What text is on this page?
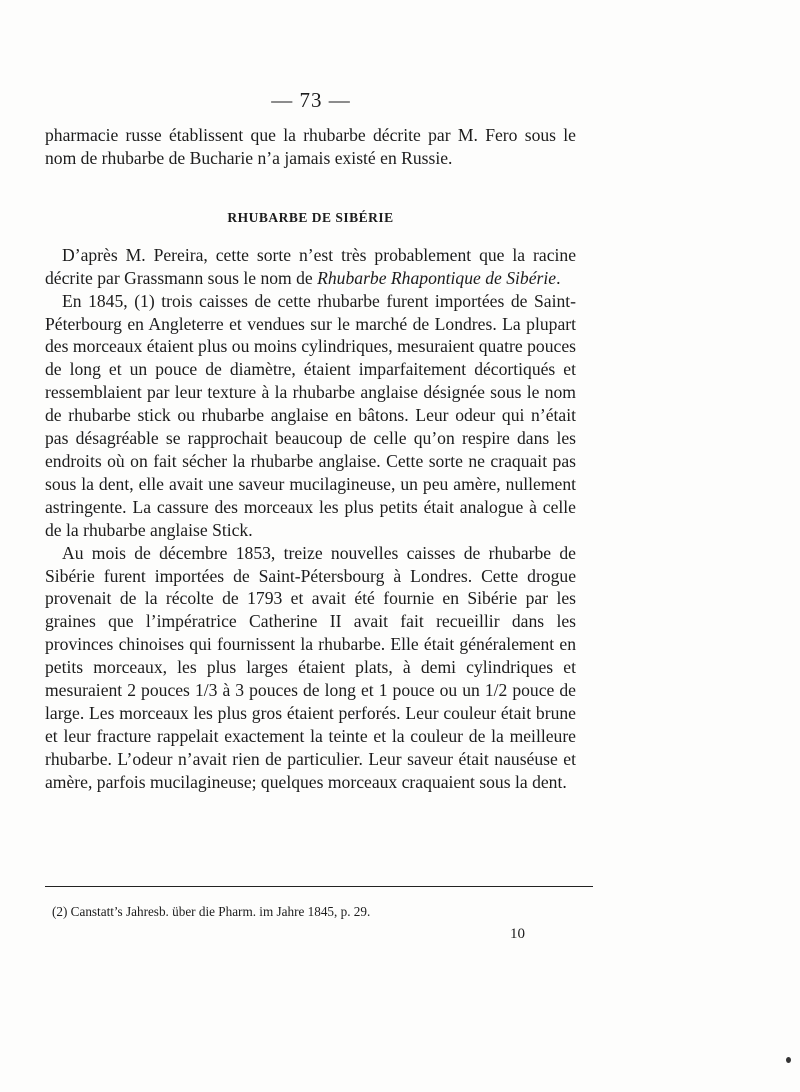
— 73 —

pharmacie russe établissent que la rhubarbe décrite par M. Fero sous le nom de rhubarbe de Bucharie n’a jamais existé en Russie.

RHUBARBE DE SIBÉRIE

D’après M. Pereira, cette sorte n’est très probablement que la racine décrite par Grassmann sous le nom de Rhubarbe Rhapontique de Sibérie.

En 1845, (1) trois caisses de cette rhubarbe furent importées de Saint-Péterbourg en Angleterre et vendues sur le marché de Londres. La plupart des morceaux étaient plus ou moins cylindriques, mesuraient quatre pouces de long et un pouce de diamètre, étaient imparfaitement décortiqués et ressemblaient par leur texture à la rhubarbe anglaise désignée sous le nom de rhubarbe stick ou rhubarbe anglaise en bâtons. Leur odeur qui n’était pas désagréable se rapprochait beaucoup de celle qu’on respire dans les endroits où on fait sécher la rhubarbe anglaise. Cette sorte ne craquait pas sous la dent, elle avait une saveur mucilagineuse, un peu amère, nullement astringente. La cassure des morceaux les plus petits était analogue à celle de la rhubarbe anglaise Stick.

Au mois de décembre 1853, treize nouvelles caisses de rhubarbe de Sibérie furent importées de Saint-Pétersbourg à Londres. Cette drogue provenait de la récolte de 1793 et avait été fournie en Sibérie par les graines que l’impératrice Catherine II avait fait recueillir dans les provinces chinoises qui fournissent la rhubarbe. Elle était généralement en petits morceaux, les plus larges étaient plats, à demi cylindriques et mesuraient 2 pouces 1/3 à 3 pouces de long et 1 pouce ou un 1/2 pouce de large. Les morceaux les plus gros étaient perforés. Leur couleur était brune et leur fracture rappelait exactement la teinte et la couleur de la meilleure rhubarbe. L’odeur n’avait rien de particulier. Leur saveur était nauséuse et amère, parfois mucilagineuse; quelques morceaux craquaient sous la dent.

(2) Canstatt’s Jahresb. über die Pharm. im Jahre 1845, p. 29.
10
